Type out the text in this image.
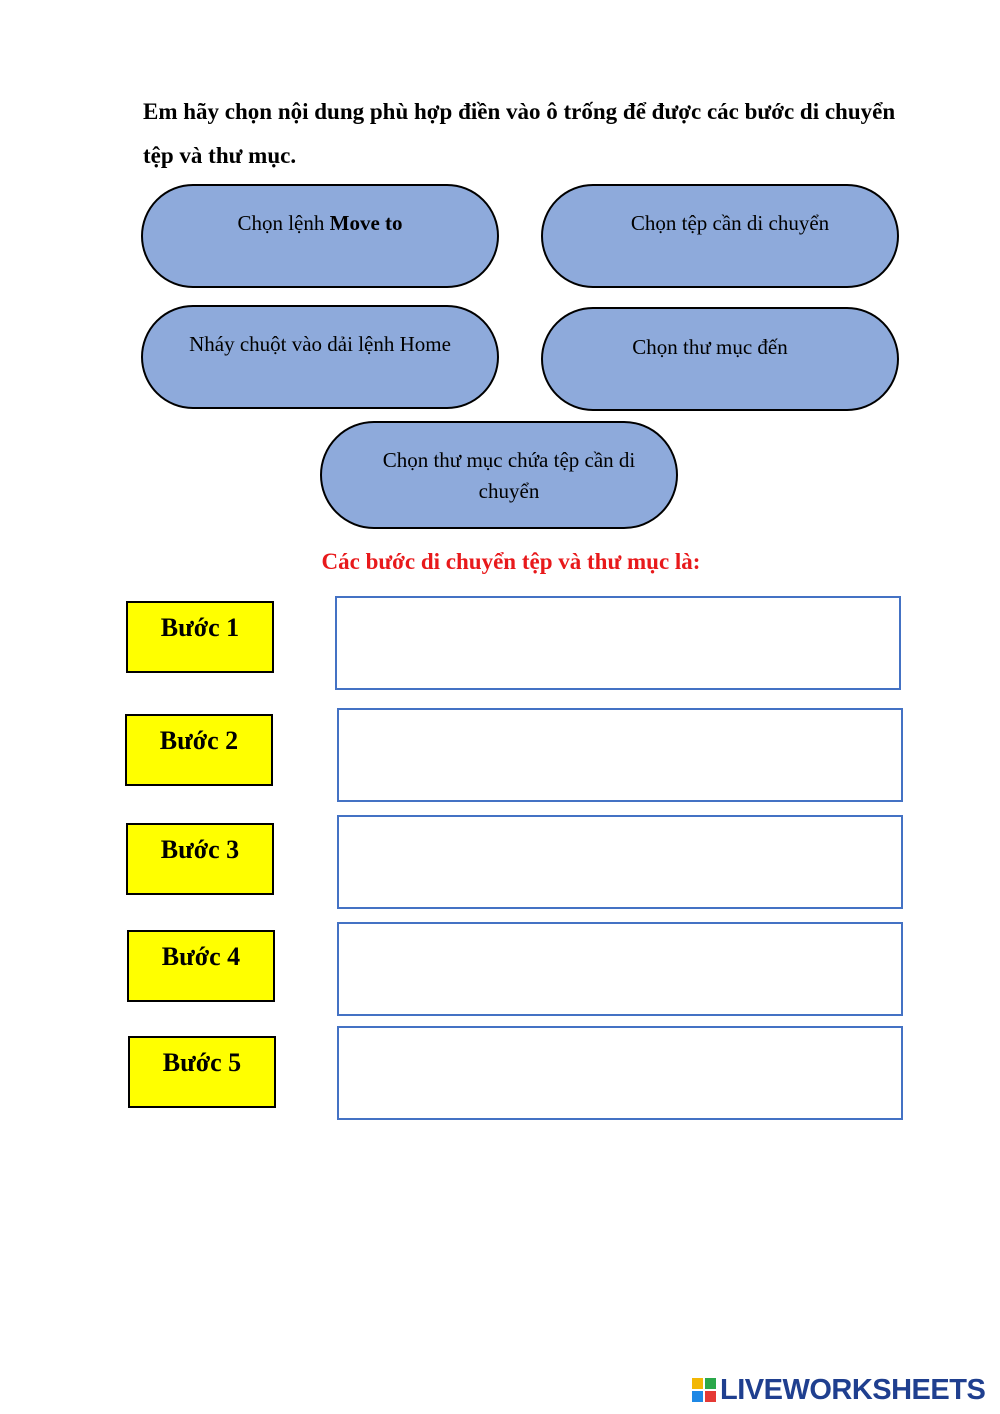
Em hãy chọn nội dung phù hợp điền vào ô trống để được các bước di chuyển tệp và thư mục.
Chọn lệnh Move to	Chọn tệp cần di chuyển
Nháy chuột vào dải lệnh Home	Chọn thư mục đến
Chọn thư mục chứa tệp cần di chuyển
Các bước di chuyển tệp và thư mục là:
Bước 1
Bước 2
Bước 3
Bước 4
Bước 5
LIVEWORKSHEETS
